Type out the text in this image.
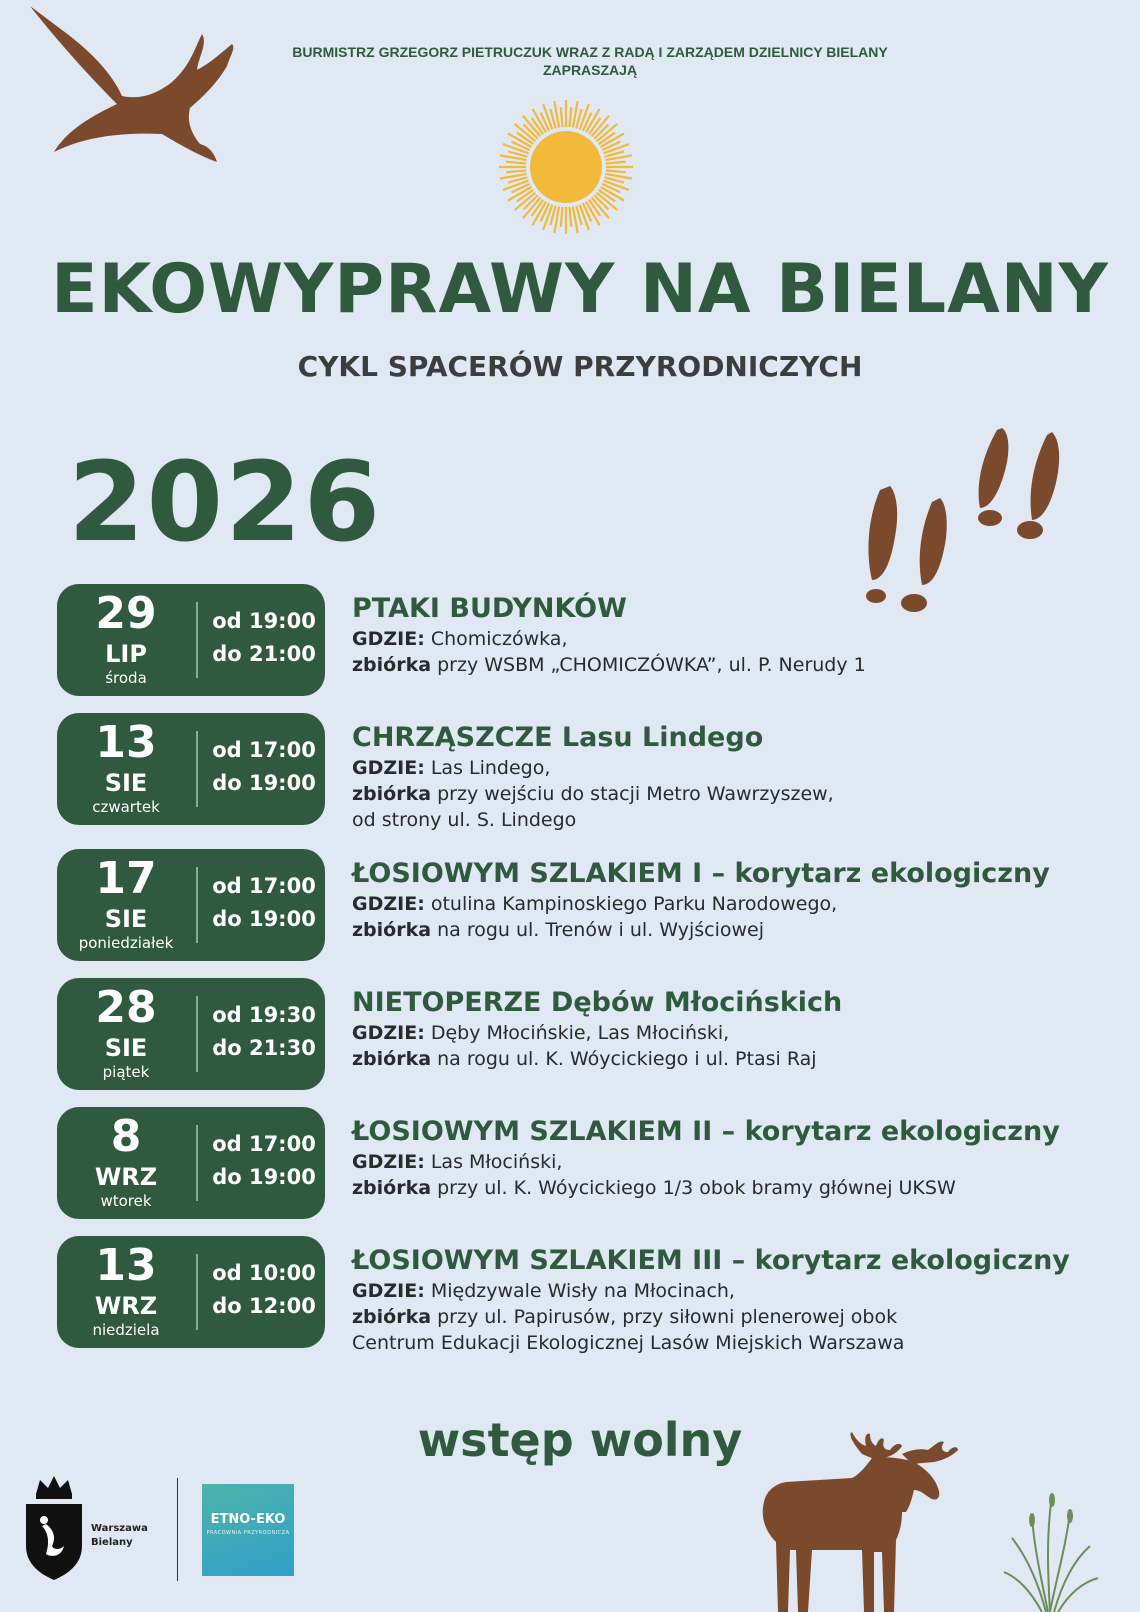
BURMISTRZ GRZEGORZ PIETRUCZUK WRAZ Z RADĄ I ZARZĄDEM DZIELNICY BIELANY
ZAPRASZAJĄ
EKOWYPRAWY NA BIELANY
CYKL SPACERÓW PRZYRODNICZYCH
2026
29
LIP
środa
od 19:00
do 21:00
PTAKI BUDYNKÓW
GDZIE: Chomiczówka,
zbiórka przy WSBM „CHOMICZÓWKA”, ul. P. Nerudy 1
13
SIE
czwartek
od 17:00
do 19:00
CHRZĄSZCZE Lasu Lindego
GDZIE: Las Lindego,
zbiórka przy wejściu do stacji Metro Wawrzyszew,
od strony ul. S. Lindego
17
SIE
poniedziałek
od 17:00
do 19:00
ŁOSIOWYM SZLAKIEM I – korytarz ekologiczny
GDZIE: otulina Kampinoskiego Parku Narodowego,
zbiórka na rogu ul. Trenów i ul. Wyjściowej
28
SIE
piątek
od 19:30
do 21:30
NIETOPERZE Dębów Młocińskich
GDZIE: Dęby Młocińskie, Las Młociński,
zbiórka na rogu ul. K. Wóycickiego i ul. Ptasi Raj
8
WRZ
wtorek
od 17:00
do 19:00
ŁOSIOWYM SZLAKIEM II – korytarz ekologiczny
GDZIE: Las Młociński,
zbiórka przy ul. K. Wóycickiego 1/3 obok bramy głównej UKSW
13
WRZ
niedziela
od 10:00
do 12:00
ŁOSIOWYM SZLAKIEM III – korytarz ekologiczny
GDZIE: Międzywale Wisły na Młocinach,
zbiórka przy ul. Papirusów, przy siłowni plenerowej obok
Centrum Edukacji Ekologicznej Lasów Miejskich Warszawa
wstęp wolny
Warszawa
Bielany
ETNO-EKO
PRACOWNIA PRZYRODNICZA
